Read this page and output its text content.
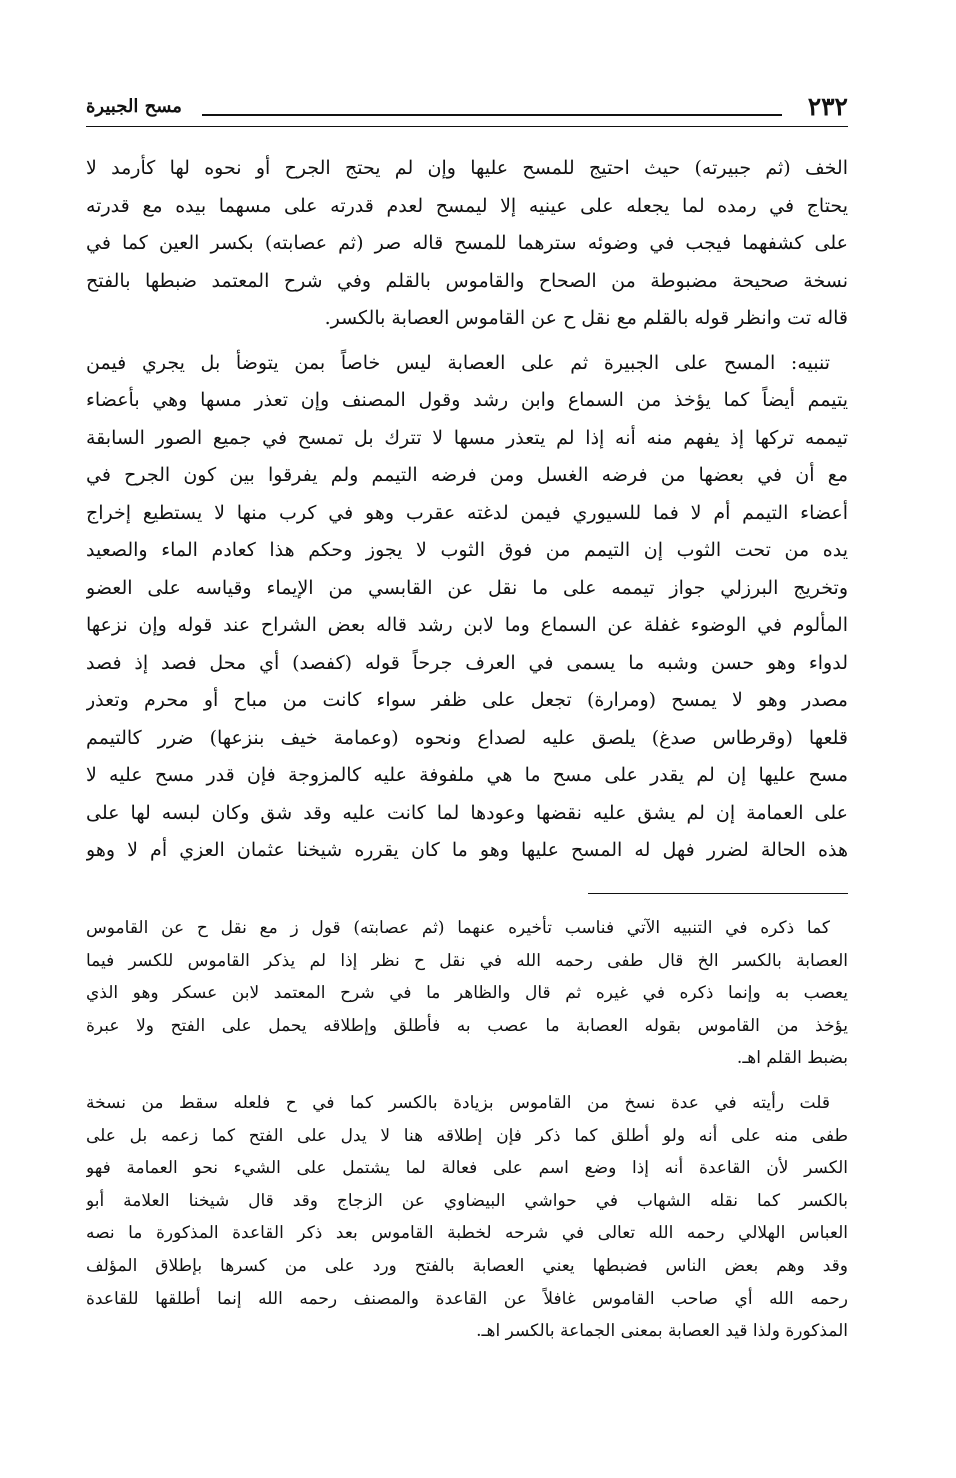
٢٣٢
مسح الجبيرة
الخف (ثم جبيرته) حيث احتيج للمسح عليها وإن لم يحتج الجرح أو نحوه لها كأرمد لا
يحتاج في رمده لما يجعله على عينيه إلا ليمسح لعدم قدرته على مسهما بيده مع قدرته
على كشفهما فيجب في وضوئه سترهما للمسح قاله صر (ثم عصابته) بكسر العين كما في
نسخة صحيحة مضبوطة من الصحاح والقاموس بالقلم وفي شرح المعتمد ضبطها بالفتح
قاله تت وانظر قوله بالقلم مع نقل ح عن القاموس العصابة بالكسر.
تنبيه: المسح على الجبيرة ثم على العصابة ليس خاصاً بمن يتوضأ بل يجري فيمن
يتيمم أيضاً كما يؤخذ من السماع وابن رشد وقول المصنف وإن تعذر مسها وهي بأعضاء
تيممه تركها إذ يفهم منه أنه إذا لم يتعذر مسها لا تترك بل تمسح في جميع الصور السابقة
مع أن في بعضها من فرضه الغسل ومن فرضه التيمم ولم يفرقوا بين كون الجرح في
أعضاء التيمم أم لا فما للسيوري فيمن لدغته عقرب وهو في كرب منها لا يستطيع إخراج
يده من تحت الثوب إن التيمم من فوق الثوب لا يجوز وحكم هذا كعادم الماء والصعيد
وتخريج البرزلي جواز تيممه على ما نقل عن القابسي من الإيماء وقياسه على العضو
المألوم في الوضوء غفلة عن السماع وما لابن رشد قاله بعض الشراح عند قوله وإن نزعها
لدواء وهو حسن وشبه ما يسمى في العرف جرحاً قوله (كفصد) أي محل فصد إذ فصد
مصدر وهو لا يمسح (ومرارة) تجعل على ظفر سواء كانت من مباح أو محرم وتعذر
قلعها (وقرطاس صدغ) يلصق عليه لصداع ونحوه (وعمامة خيف بنزعها) ضرر كالتيمم
مسح عليها إن لم يقدر على مسح ما هي ملفوفة عليه كالمزوجة فإن قدر مسح عليه لا
على العمامة إن لم يشق عليه نقضها وعودها لما كانت عليه وقد شق وكان لبسه لها على
هذه الحالة لضرر فهل له المسح عليها وهو ما كان يقرره شيخنا عثمان العزي أم لا وهو
كما ذكره في التنبيه الآتي فناسب تأخيره عنهما (ثم عصابته) قول ز مع نقل ح عن القاموس
العصابة بالكسر الخ قال طفى رحمه الله في نقل ح نظر إذا لم يذكر القاموس للكسر فيما
يعصب به وإنما ذكره في غيره ثم قال والظاهر ما في شرح المعتمد لابن عسكر وهو الذي
يؤخذ من القاموس بقوله العصابة ما عصب به فأطلق وإطلاقه يحمل على الفتح ولا عبرة
بضبط القلم اهـ.
قلت رأيته في عدة نسخ من القاموس بزيادة بالكسر كما في ح فلعله سقط من نسخة
طفى منه على أنه ولو أطلق كما ذكر فإن إطلاقه هنا لا يدل على الفتح كما زعمه بل على
الكسر لأن القاعدة أنه إذا وضع اسم على فعالة لما يشتمل على الشيء نحو العمامة فهو
بالكسر كما نقله الشهاب في حواشي البيضاوي عن الزجاج وقد قال شيخنا العلامة أبو
العباس الهلالي رحمه الله تعالى في شرحه لخطبة القاموس بعد ذكر القاعدة المذكورة ما نصه
وقد وهم بعض الناس فضبطها يعني العصابة بالفتح ورد على من كسرها بإطلاق المؤلف
رحمه الله أي صاحب القاموس غافلاً عن القاعدة والمصنف رحمه الله إنما أطلقها للقاعدة
المذكورة ولذا قيد العصابة بمعنى الجماعة بالكسر اهـ.
